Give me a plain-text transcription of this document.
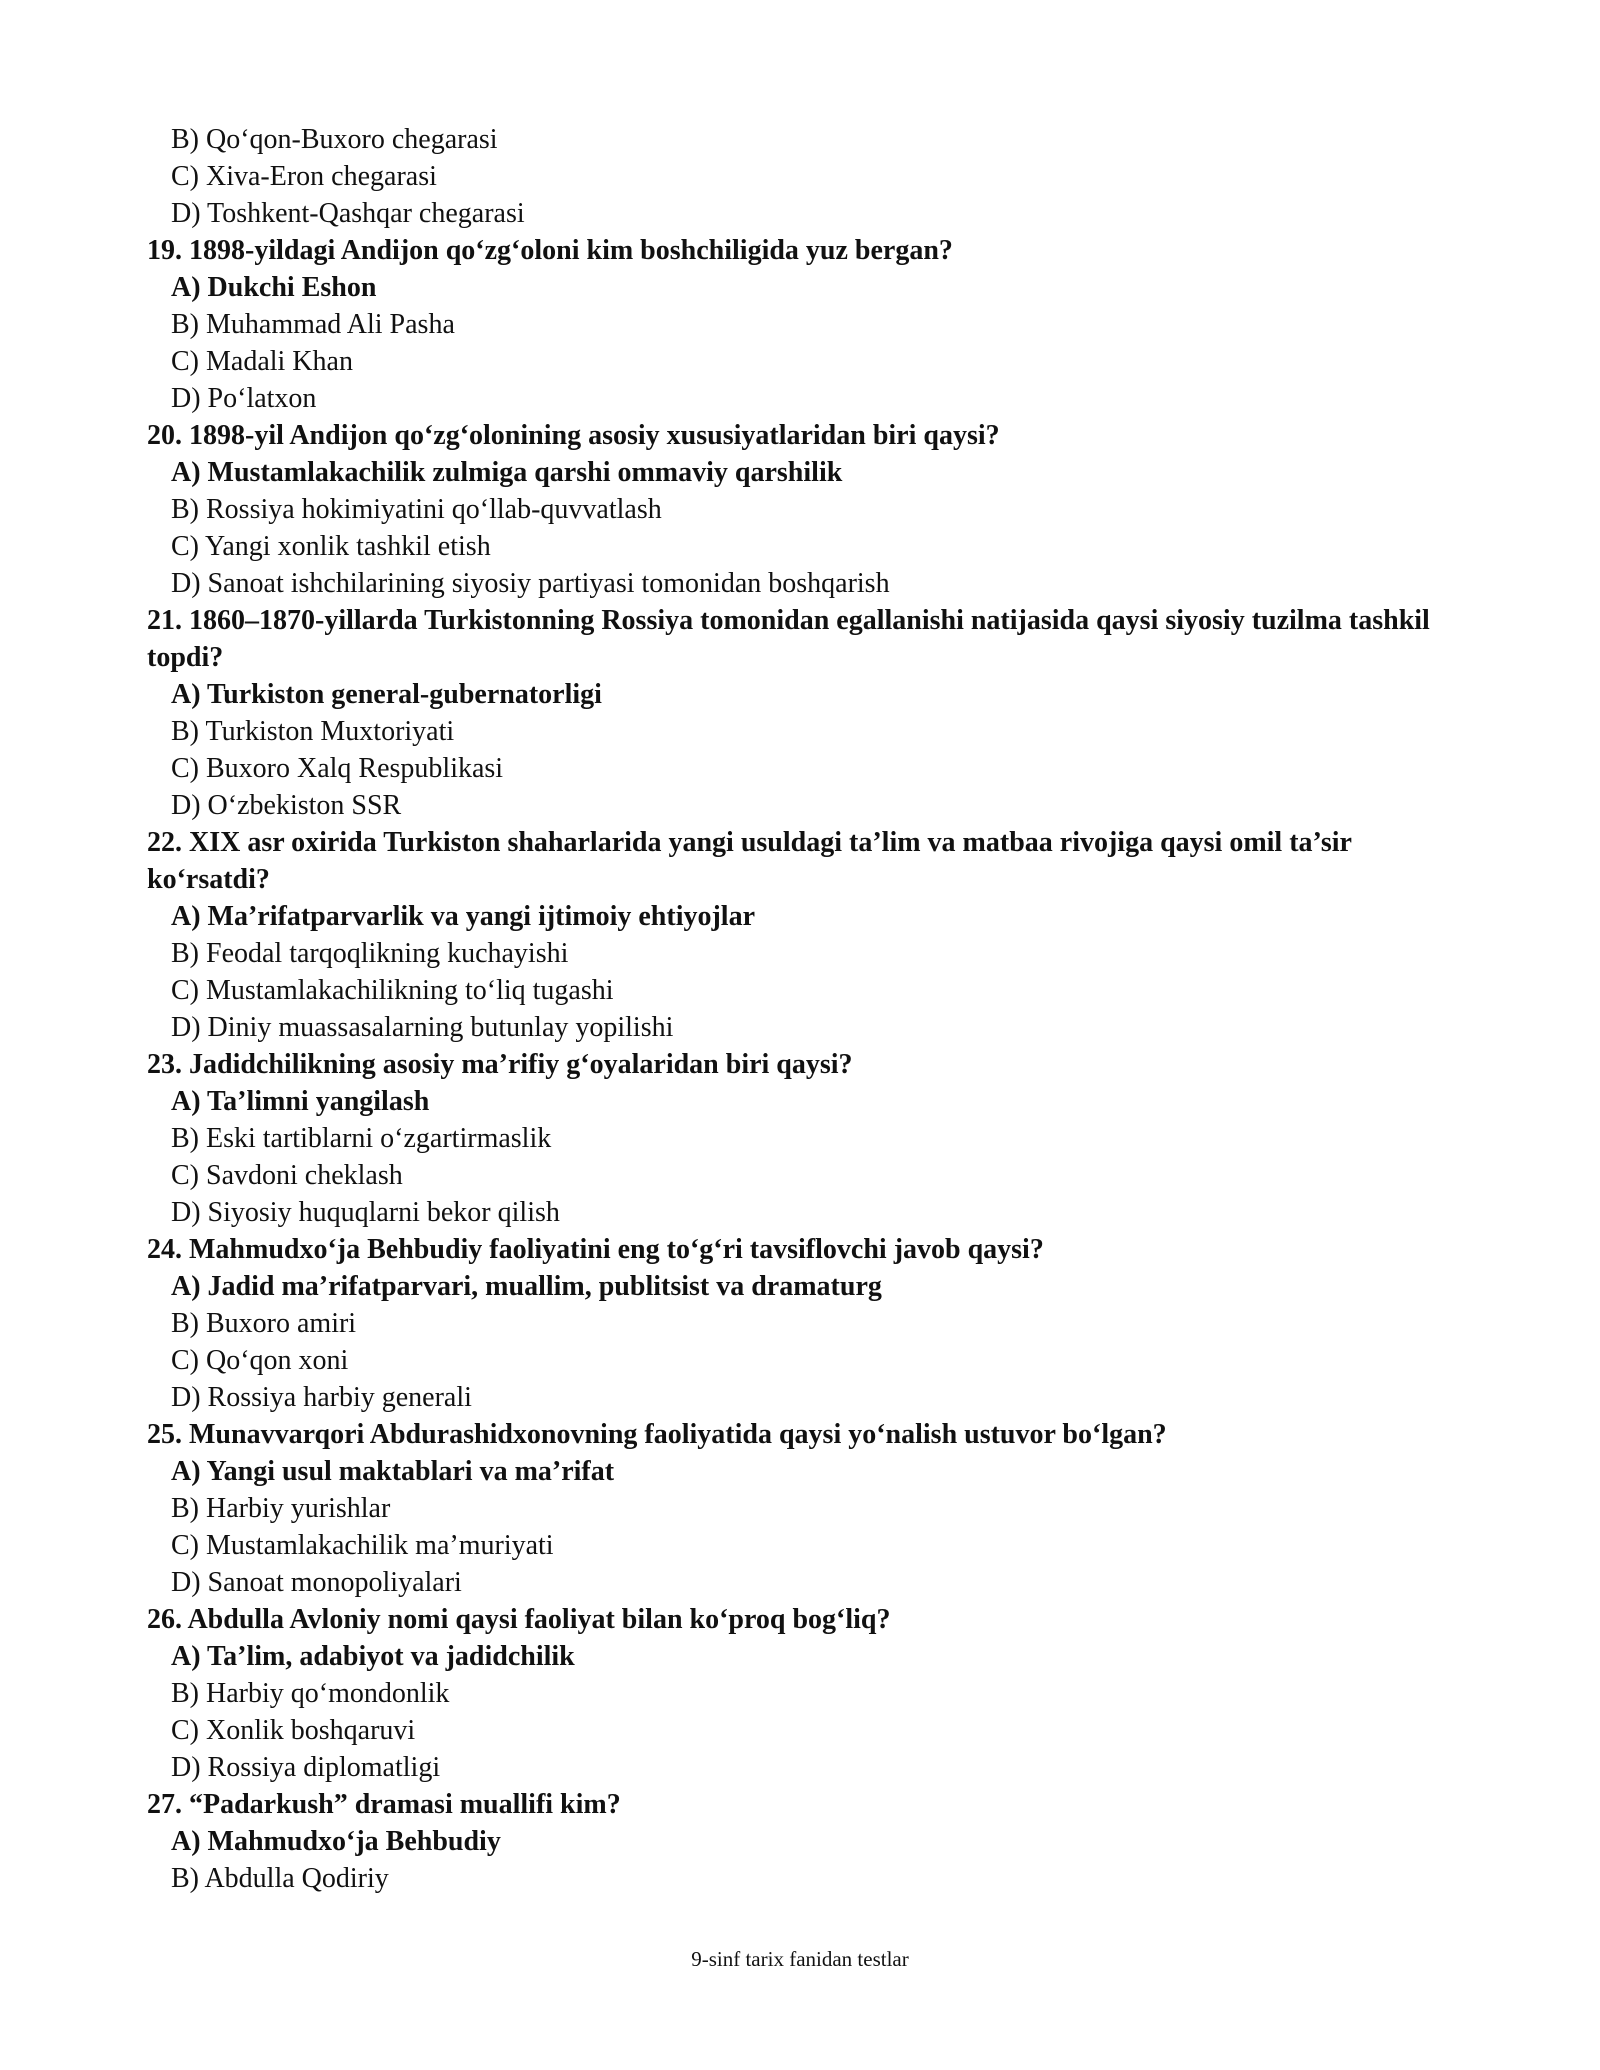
B) Qo‘qon-Buxoro chegarasi
C) Xiva-Eron chegarasi
D) Toshkent-Qashqar chegarasi
19. 1898-yildagi Andijon qo‘zg‘oloni kim boshchiligida yuz bergan?
A) Dukchi Eshon
B) Muhammad Ali Pasha
C) Madali Khan
D) Po‘latxon
20. 1898-yil Andijon qo‘zg‘olonining asosiy xususiyatlaridan biri qaysi?
A) Mustamlakachilik zulmiga qarshi ommaviy qarshilik
B) Rossiya hokimiyatini qo‘llab-quvvatlash
C) Yangi xonlik tashkil etish
D) Sanoat ishchilarining siyosiy partiyasi tomonidan boshqarish
21. 1860–1870-yillarda Turkistonning Rossiya tomonidan egallanishi natijasida qaysi siyosiy tuzilma tashkil topdi?
A) Turkiston general-gubernatorligi
B) Turkiston Muxtoriyati
C) Buxoro Xalq Respublikasi
D) O‘zbekiston SSR
22. XIX asr oxirida Turkiston shaharlarida yangi usuldagi ta’lim va matbaa rivojiga qaysi omil ta’sir ko‘rsatdi?
A) Ma’rifatparvarlik va yangi ijtimoiy ehtiyojlar
B) Feodal tarqoqlikning kuchayishi
C) Mustamlakachilikning to‘liq tugashi
D) Diniy muassasalarning butunlay yopilishi
23. Jadidchilikning asosiy ma’rifiy g‘oyalaridan biri qaysi?
A) Ta’limni yangilash
B) Eski tartiblarni o‘zgartirmaslik
C) Savdoni cheklash
D) Siyosiy huquqlarni bekor qilish
24. Mahmudxo‘ja Behbudiy faoliyatini eng to‘g‘ri tavsiflovchi javob qaysi?
A) Jadid ma’rifatparvari, muallim, publitsist va dramaturg
B) Buxoro amiri
C) Qo‘qon xoni
D) Rossiya harbiy generali
25. Munavvarqori Abdurashidxonovning faoliyatida qaysi yo‘nalish ustuvor bo‘lgan?
A) Yangi usul maktablari va ma’rifat
B) Harbiy yurishlar
C) Mustamlakachilik ma’muriyati
D) Sanoat monopoliyalari
26. Abdulla Avloniy nomi qaysi faoliyat bilan ko‘proq bog‘liq?
A) Ta’lim, adabiyot va jadidchilik
B) Harbiy qo‘mondonlik
C) Xonlik boshqaruvi
D) Rossiya diplomatligi
27. “Padarkush” dramasi muallifi kim?
A) Mahmudxo‘ja Behbudiy
B) Abdulla Qodiriy
9-sinf tarix fanidan testlar
